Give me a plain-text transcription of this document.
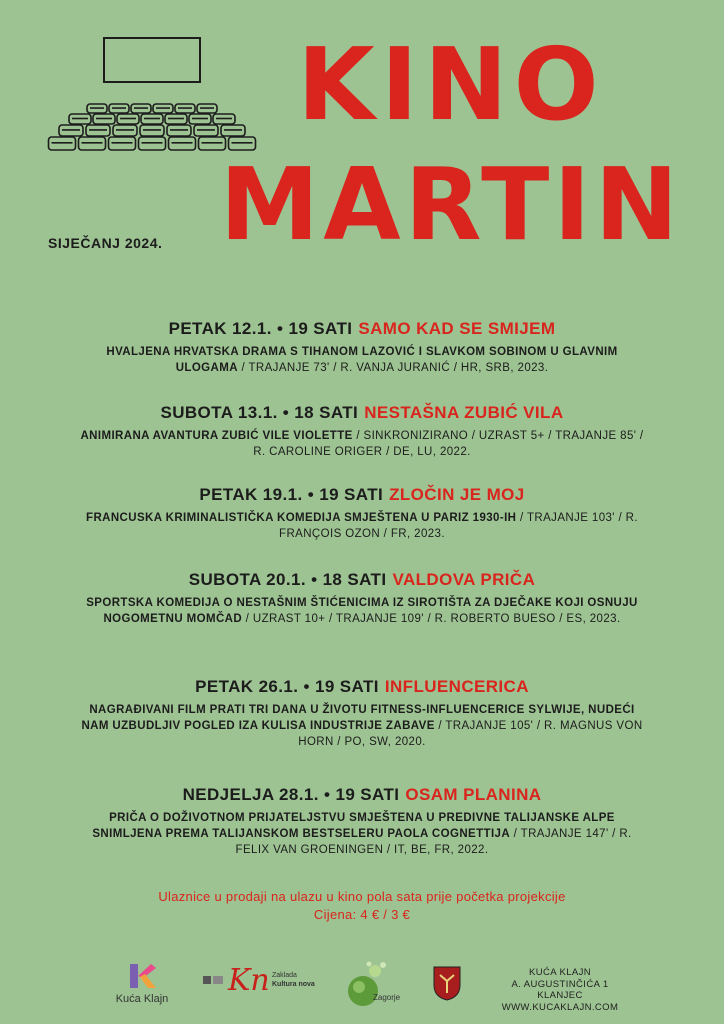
KINO
MARTIN
SIJEČANJ 2024.
PETAK 12.1. • 19 SATI SAMO KAD SE SMIJEM
HVALJENA HRVATSKA DRAMA S TIHANOM LAZOVIĆ I SLAVKOM SOBINOM U GLAVNIM ULOGAMA / TRAJANJE 73' / R. VANJA JURANIĆ / HR, SRB, 2023.
SUBOTA 13.1. • 18 SATI NESTAŠNA ZUBIĆ VILA
ANIMIRANA AVANTURA ZUBIĆ VILE VIOLETTE / SINKRONIZIRANO / UZRAST 5+ / TRAJANJE 85' / R. CAROLINE ORIGER / DE, LU, 2022.
PETAK 19.1. • 19 SATI ZLOČIN JE MOJ
FRANCUSKA KRIMINALISTIČKA KOMEDIJA SMJEŠTENA U PARIZ 1930-IH / TRAJANJE 103' / R. FRANÇOIS OZON / FR, 2023.
SUBOTA 20.1. • 18 SATI VALDOVA PRIČA
SPORTSKA KOMEDIJA O NESTAŠNIM ŠTIĆENICIMA IZ SIROTIŠTA ZA DJEČAKE KOJI OSNUJU NOGOMETNU MOMČAD / UZRAST 10+ / TRAJANJE 109' / R. ROBERTO BUESO / ES, 2023.
PETAK 26.1. • 19 SATI INFLUENCERICA
NAGRAĐIVANI FILM PRATI TRI DANA U ŽIVOTU FITNESS-INFLUENCERICE SYLWIJE, NUDEĆI NAM UZBUDLJIV POGLED IZA KULISA INDUSTRIJE ZABAVE / TRAJANJE 105' / R. MAGNUS VON HORN / PO, SW, 2020.
NEDJELJA 28.1. • 19 SATI OSAM PLANINA
PRIČA O DOŽIVOTNOM PRIJATELJSTVU SMJEŠTENA U PREDIVNE TALIJANSKE ALPE SNIMLJENA PREMA TALIJANSKOM BESTSELERU PAOLA COGNETTIJA / TRAJANJE 147' / R. FELIX VAN GROENINGEN / IT, BE, FR, 2022.
Ulaznice u prodaji na ulazu u kino pola sata prije početka projekcije
Cijena: 4 € / 3 €
Kuća Klajn
Kn Zaklada
Kultura nova
Zagorje
KUĆA KLAJN
A. AUGUSTINČIĆA 1
KLANJEC
WWW.KUCAKLAJN.COM
